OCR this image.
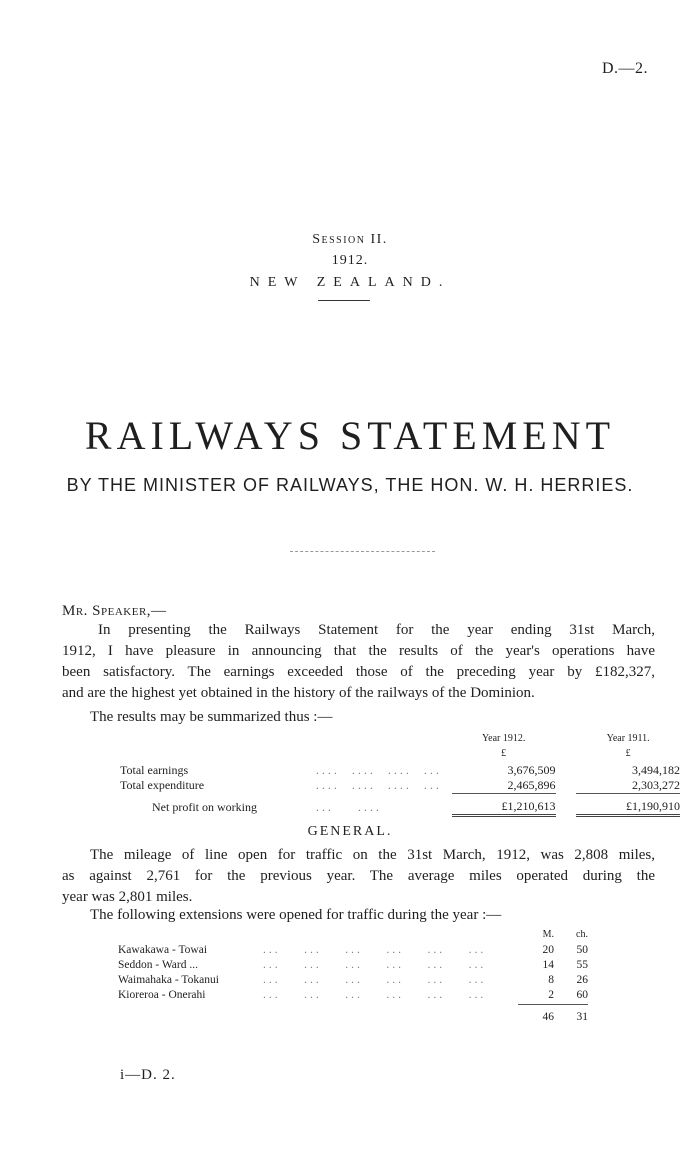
D.—2.
Session II.
1912.
NEW ZEALAND.
RAILWAYS STATEMENT
BY THE MINISTER OF RAILWAYS, THE HON. W. H. HERRIES.
Mr. Speaker,—
In presenting the Railways Statement for the year ending 31st March,
1912, I have pleasure in announcing that the results of the year's operations have
been satisfactory. The earnings exceeded those of the preceding year by £182,327,
and are the highest yet obtained in the history of the railways of the Dominion.
The results may be summarized thus :—
		Year 1912.		Year 1911.
		£		£
Total earnings	....  ....  ....  ...	3,676,509		3,494,182
Total expenditure	....  ....  ....  ...	2,465,896		2,303,272
Net profit on working	...    ....	£1,210,613		£1,190,910
GENERAL.
The mileage of line open for traffic on the 31st March, 1912, was 2,808 miles,
as against 2,761 for the previous year. The average miles operated during the
year was 2,801 miles.
The following extensions were opened for traffic during the year :—
		M.	ch.
Kawakawa - Towai	...    ...    ...    ...    ...    ...	20	50
Seddon - Ward ...	...    ...    ...    ...    ...    ...	14	55
Waimahaka - Tokanui	...    ...    ...    ...    ...    ...	8	26
Kioreroa - Onerahi	...    ...    ...    ...    ...    ...	2	60
		46	31
i—D. 2.
